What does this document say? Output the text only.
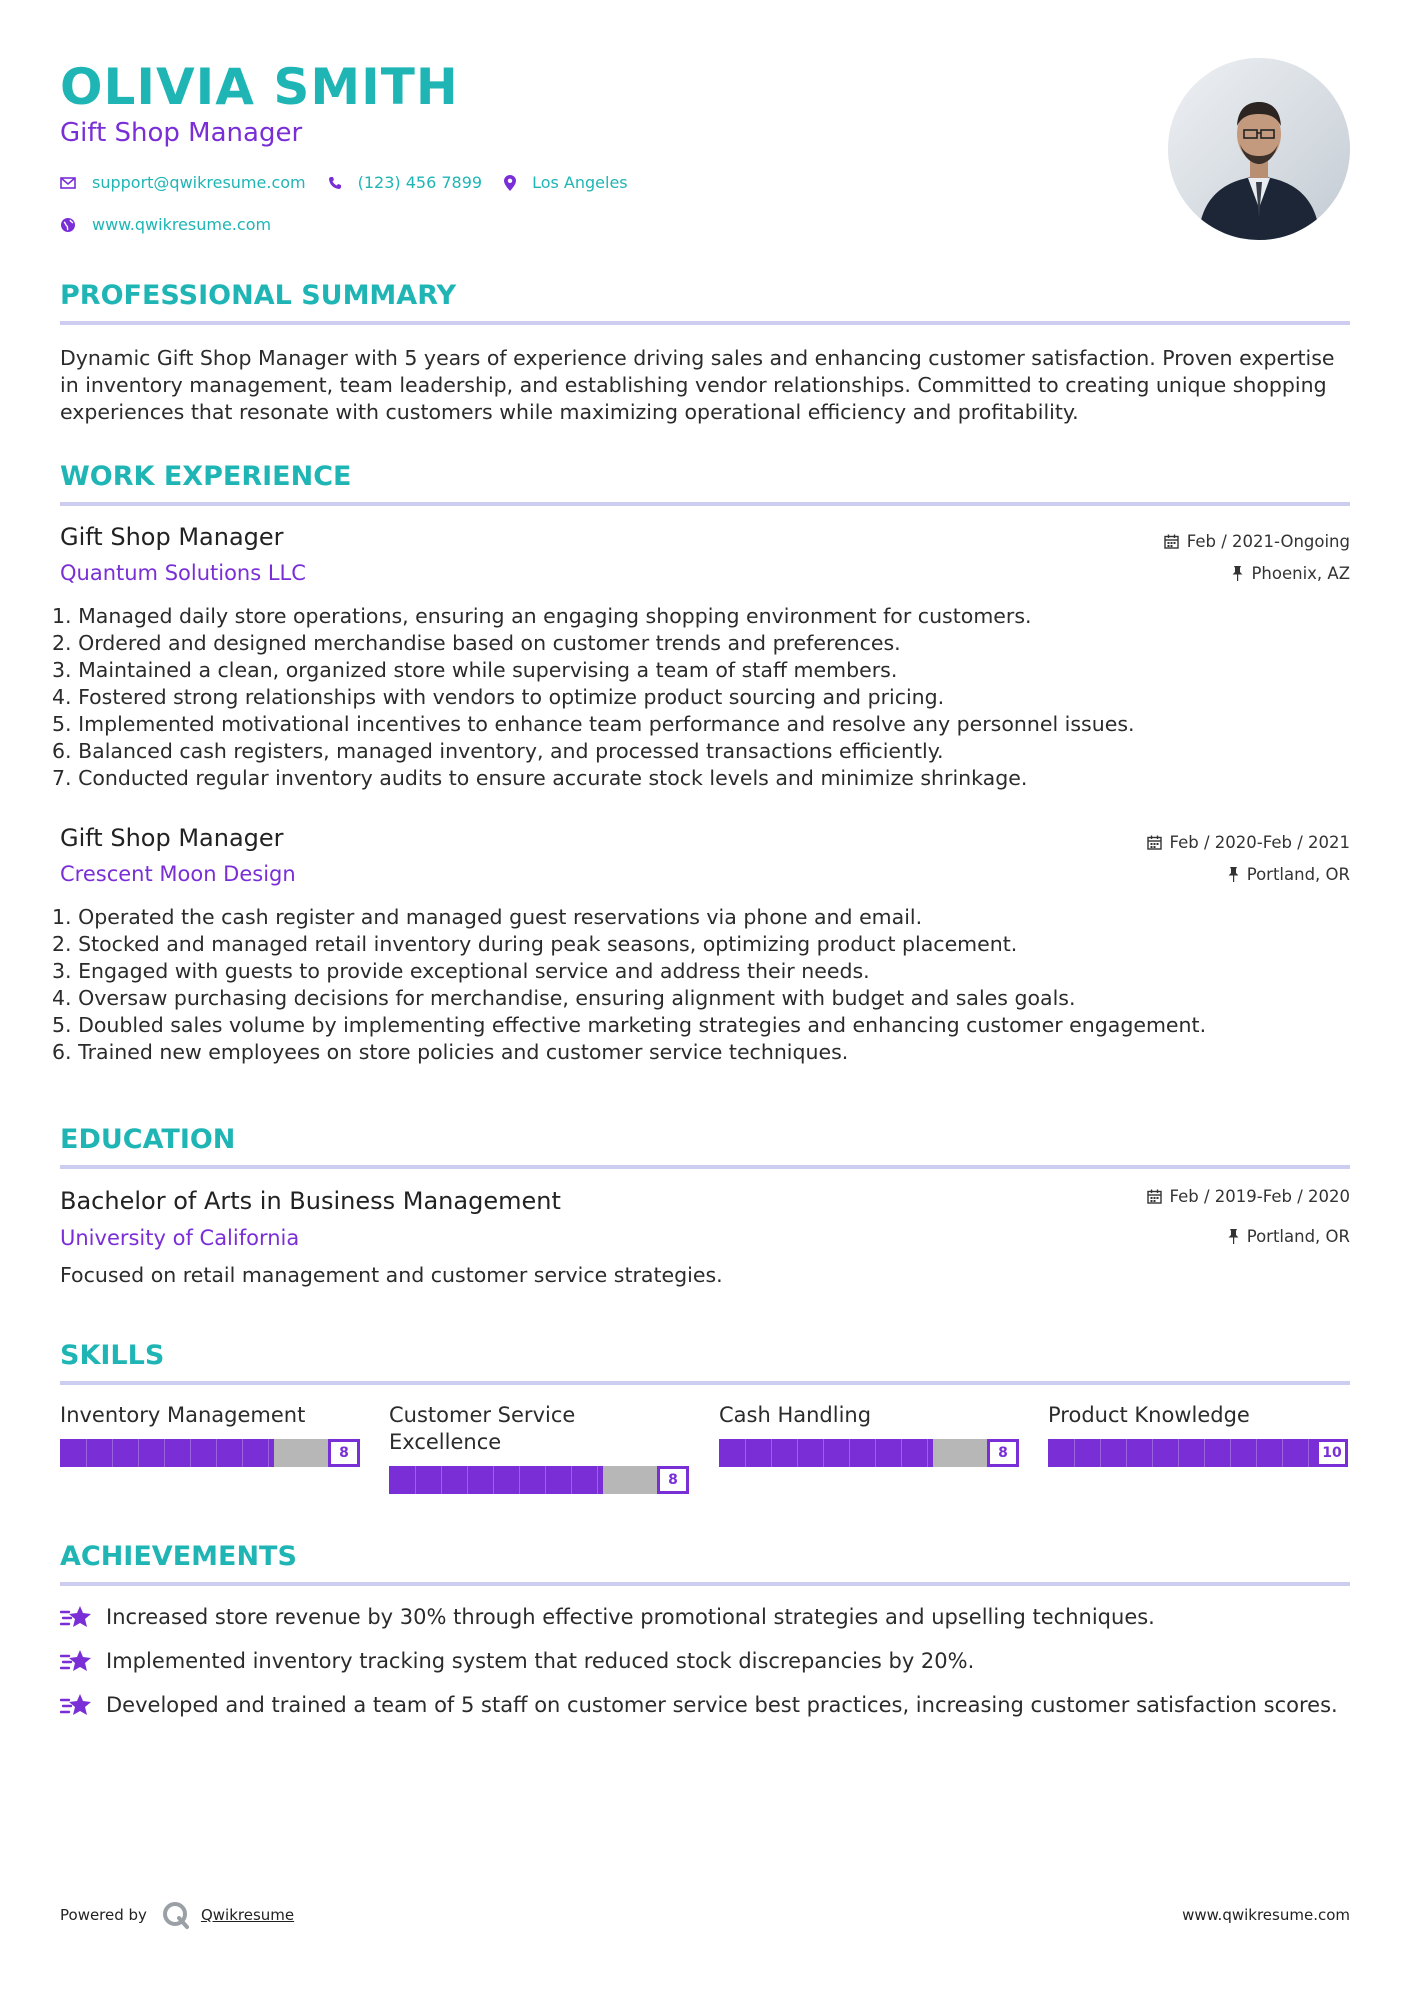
OLIVIA SMITH
Gift Shop Manager
support@qwikresume.com	(123) 456 7899	Los Angeles
www.qwikresume.com
PROFESSIONAL SUMMARY
Dynamic Gift Shop Manager with 5 years of experience driving sales and enhancing customer satisfaction. Proven expertise in inventory management, team leadership, and establishing vendor relationships. Committed to creating unique shopping experiences that resonate with customers while maximizing operational efficiency and profitability.
WORK EXPERIENCE
Gift Shop Manager
Quantum Solutions LLC
Feb / 2021-Ongoing
Phoenix, AZ
1. Managed daily store operations, ensuring an engaging shopping environment for customers.
2. Ordered and designed merchandise based on customer trends and preferences.
3. Maintained a clean, organized store while supervising a team of staff members.
4. Fostered strong relationships with vendors to optimize product sourcing and pricing.
5. Implemented motivational incentives to enhance team performance and resolve any personnel issues.
6. Balanced cash registers, managed inventory, and processed transactions efficiently.
7. Conducted regular inventory audits to ensure accurate stock levels and minimize shrinkage.
Gift Shop Manager
Crescent Moon Design
Feb / 2020-Feb / 2021
Portland, OR
1. Operated the cash register and managed guest reservations via phone and email.
2. Stocked and managed retail inventory during peak seasons, optimizing product placement.
3. Engaged with guests to provide exceptional service and address their needs.
4. Oversaw purchasing decisions for merchandise, ensuring alignment with budget and sales goals.
5. Doubled sales volume by implementing effective marketing strategies and enhancing customer engagement.
6. Trained new employees on store policies and customer service techniques.
EDUCATION
Bachelor of Arts in Business Management
University of California
Feb / 2019-Feb / 2020
Portland, OR
Focused on retail management and customer service strategies.
SKILLS
Inventory Management
8
Customer Service Excellence
8
Cash Handling
8
Product Knowledge
10
ACHIEVEMENTS
Increased store revenue by 30% through effective promotional strategies and upselling techniques.
Implemented inventory tracking system that reduced stock discrepancies by 20%.
Developed and trained a team of 5 staff on customer service best practices, increasing customer satisfaction scores.
Powered by	Qwikresume	www.qwikresume.com
